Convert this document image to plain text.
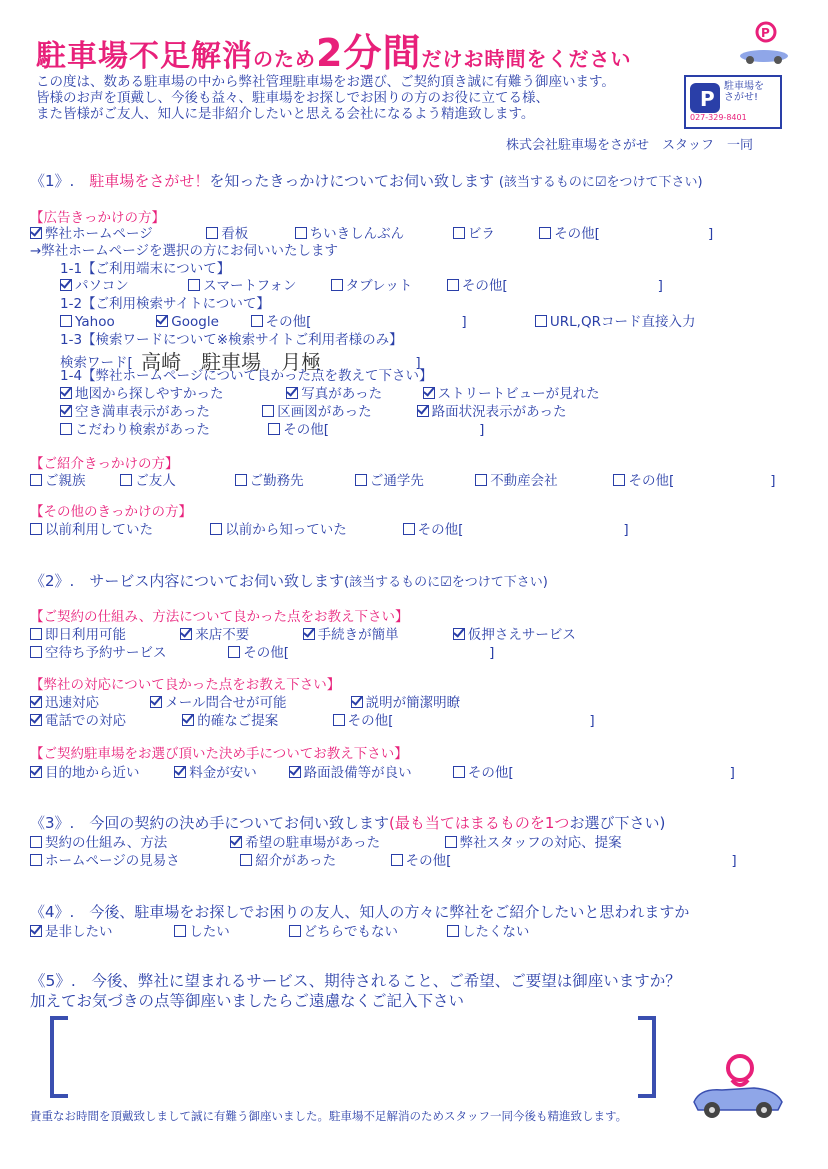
駐車場不足解消のため2分間だけお時間をください
P
この度は、数ある駐車場の中から弊社管理駐車場をお選び、ご契約頂き誠に有難う御座います。
皆様のお声を頂戴し、今後も益々、駐車場をお探しでお困りの方のお役に立てる様、
また皆様がご友人、知人に是非紹介したいと思える会社になるよう精進致します。
P
駐車場を
さがせ!
027-329-8401
株式会社駐車場をさがせ　スタッフ　一同
《1》.　 駐車場をさがせ！を知ったきっかけについてお伺い致します (該当するものに☑をつけて下さい)
【広告きっかけの方】
弊社ホームページ	看板	ちいきしんぶん	ビラ	その他[	]
→弊社ホームページを選択の方にお伺いいたします
1-1【ご利用端末について】
パソコン	スマートフォン	タブレット	その他[	]
1-2【ご利用検索サイトについて】
Yahoo	Google	その他[	]	URL,QRコード直接入力
1-3【検索ワードについて※検索サイトご利用者様のみ】
検索ワード[ 高崎　駐車場　月極	]
1-4【弊社ホームページについて良かった点を教えて下さい】
地図から探しやすかった	写真があった	ストリートビューが見れた
空き満車表示があった	区画図があった	路面状況表示があった
こだわり検索があった	その他[	]
【ご紹介きっかけの方】
ご親族	ご友人	ご勤務先	ご通学先	不動産会社	その他[	]
【その他のきっかけの方】
以前利用していた	以前から知っていた	その他[	]
《2》.　 サービス内容についてお伺い致します(該当するものに☑をつけて下さい)
【ご契約の仕組み、方法について良かった点をお教え下さい】
即日利用可能	来店不要	手続きが簡単	仮押さえサービス
空待ち予約サービス	その他[	]
【弊社の対応について良かった点をお教え下さい】
迅速対応	メール問合せが可能	説明が簡潔明瞭
電話での対応	的確なご提案	その他[	]
【ご契約駐車場をお選び頂いた決め手についてお教え下さい】
目的地から近い	料金が安い	路面設備等が良い	その他[	]
《3》.　 今回の契約の決め手についてお伺い致します(最も当てはまるものを1つお選び下さい)
契約の仕組み、方法	希望の駐車場があった	弊社スタッフの対応、提案
ホームページの見易さ	紹介があった	その他[	]
《4》.　 今後、駐車場をお探しでお困りの友人、知人の方々に弊社をご紹介したいと思われますか
是非したい	したい	どちらでもない	したくない
《5》.　 今後、弊社に望まれるサービス、期待されること、ご希望、ご要望は御座いますか？
加えてお気づきの点等御座いましたらご遠慮なくご記入下さい
貴重なお時間を頂戴致しまして誠に有難う御座いました。駐車場不足解消のためスタッフ一同今後も精進致します。
